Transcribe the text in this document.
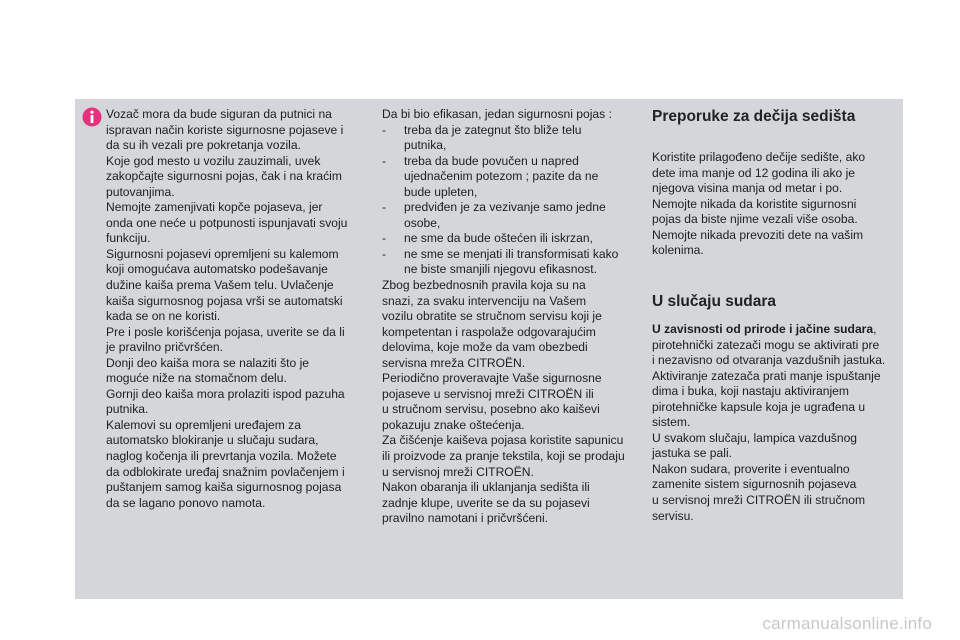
Vozač mora da bude siguran da putnici na

ispravan način koriste sigurnosne pojaseve i

da su ih vezali pre pokretanja vozila.

Koje god mesto u vozilu zauzimali, uvek

zakopčajte sigurnosni pojas, čak i na kraćim

putovanjima.

Nemojte zamenjivati kopče pojaseva, jer

onda one neće u potpunosti ispunjavati svoju

funkciju.

Sigurnosni pojasevi opremljeni su kalemom

koji omogućava automatsko podešavanje

dužine kaiša prema Vašem telu. Uvlačenje

kaiša sigurnosnog pojasa vrši se automatski

kada se on ne koristi.

Pre i posle korišćenja pojasa, uverite se da li

je pravilno pričvršćen.

Donji deo kaiša mora se nalaziti što je

moguće niže na stomačnom delu.

Gornji deo kaiša mora prolaziti ispod pazuha

putnika.

Kalemovi su opremljeni uređajem za

automatsko blokiranje u slučaju sudara,

naglog kočenja ili prevrtanja vozila. Možete

da odblokirate uređaj snažnim povlačenjem i

puštanjem samog kaiša sigurnosnog pojasa

da se lagano ponovo namota.

Da bi bio efikasan, jedan sigurnosni pojas :

- treba da je zategnut što bliže telu
putnika,
- treba da bude povučen u napred
ujednačenim potezom ; pazite da ne
bude upleten,
- predviđen je za vezivanje samo jedne
osobe,
- ne sme da bude oštećen ili iskrzan,
- ne sme se menjati ili transformisati kako
ne biste smanjili njegovu efikasnost.

Zbog bezbednosnih pravila koja su na

snazi, za svaku intervenciju na Vašem

vozilu obratite se stručnom servisu koji je

kompetentan i raspolaže odgovarajućim

delovima, koje može da vam obezbedi

servisna mreža CITROËN.

Periodično proveravajte Vaše sigurnosne

pojaseve u servisnoj mreži CITROËN ili

u stručnom servisu, posebno ako kaiševi

pokazuju znake oštećenja.

Za čišćenje kaiševa pojasa koristite sapunicu

ili proizvode za pranje tekstila, koji se prodaju

u servisnoj mreži CITROËN.

Nakon obaranja ili uklanjanja sedišta ili

zadnje klupe, uverite se da su pojasevi

pravilno namotani i pričvršćeni.

Preporuke za dečija sedišta

Koristite prilagođeno dečije sedište, ako

dete ima manje od 12 godina ili ako je

njegova visina manja od metar i po.

Nemojte nikada da koristite sigurnosni

pojas da biste njime vezali više osoba.

Nemojte nikada prevoziti dete na vašim

kolenima.

U slučaju sudara

U zavisnosti od prirode i jačine sudara,

pirotehnički zatezači mogu se aktivirati pre

i nezavisno od otvaranja vazdušnih jastuka.

Aktiviranje zatezača prati manje ispuštanje

dima i buka, koji nastaju aktiviranjem

pirotehničke kapsule koja je ugrađena u

sistem.

U svakom slučaju, lampica vazdušnog

jastuka se pali.

Nakon sudara, proverite i eventualno

zamenite sistem sigurnosnih pojaseva

u servisnoj mreži CITROËN ili stručnom

servisu.

carmanualsonline.info
